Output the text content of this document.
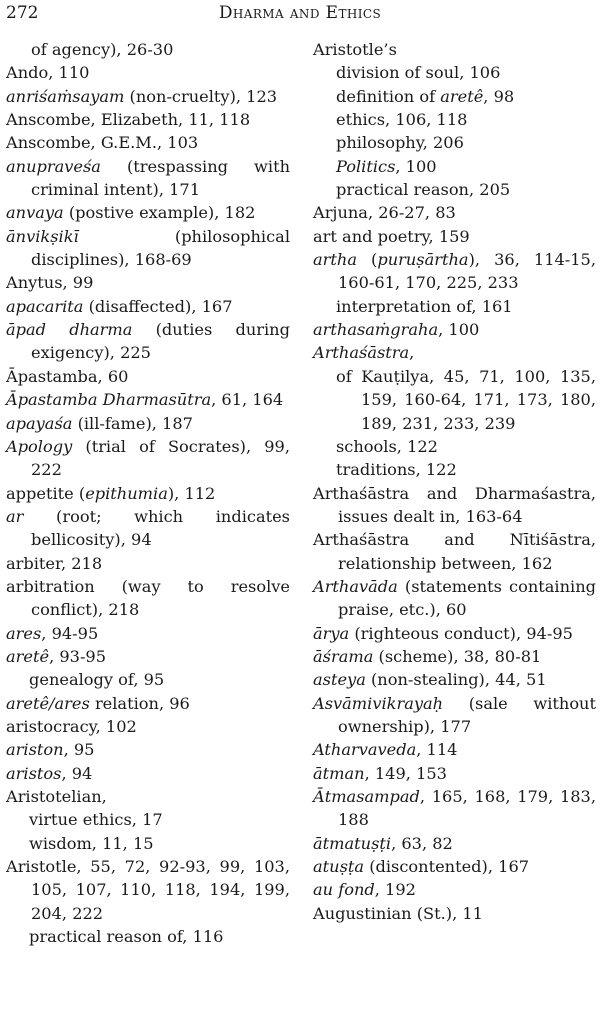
272	Dharma and Ethics
of agency), 26-30
Ando, 110
anriśaṁsayam (non-cruelty), 123
Anscombe, Elizabeth, 11, 118
Anscombe, G.E.M., 103
anupraveśa (trespassing with criminal intent), 171
anvaya (postive example), 182
ānvikṣikī (philosophical disciplines), 168-69
Anytus, 99
apacarita (disaffected), 167
āpad dharma (duties during exigency), 225
Āpastamba, 60
Āpastamba Dharmasūtra, 61, 164
apayaśa (ill-fame), 187
Apology (trial of Socrates), 99, 222
appetite (epithumia), 112
ar (root; which indicates bellicosity), 94
arbiter, 218
arbitration (way to resolve conflict), 218
ares, 94-95
aretê, 93-95
genealogy of, 95
aretê/ares relation, 96
aristocracy, 102
ariston, 95
aristos, 94
Aristotelian,
virtue ethics, 17
wisdom, 11, 15
Aristotle, 55, 72, 92-93, 99, 103, 105, 107, 110, 118, 194, 199, 204, 222
practical reason of, 116
Aristotle’s
division of soul, 106
definition of aretê, 98
ethics, 106, 118
philosophy, 206
Politics, 100
practical reason, 205
Arjuna, 26-27, 83
art and poetry, 159
artha (puruṣārtha), 36, 114-15, 160-61, 170, 225, 233
interpretation of, 161
arthasaṁgraha, 100
Arthaśāstra,
of Kauṭilya, 45, 71, 100, 135, 159, 160-64, 171, 173, 180, 189, 231, 233, 239
schools, 122
traditions, 122
Arthaśāstra and Dharmaśastra, issues dealt in, 163-64
Arthaśāstra and Nītiśāstra, relationship between, 162
Arthavāda (statements containing praise, etc.), 60
ārya (righteous conduct), 94-95
āśrama (scheme), 38, 80-81
asteya (non-stealing), 44, 51
Asvāmivikrayaḥ (sale without ownership), 177
Atharvaveda, 114
ātman, 149, 153
Ātmasampad, 165, 168, 179, 183, 188
ātmatuṣṭi, 63, 82
atuṣṭa (discontented), 167
au fond, 192
Augustinian (St.), 11
